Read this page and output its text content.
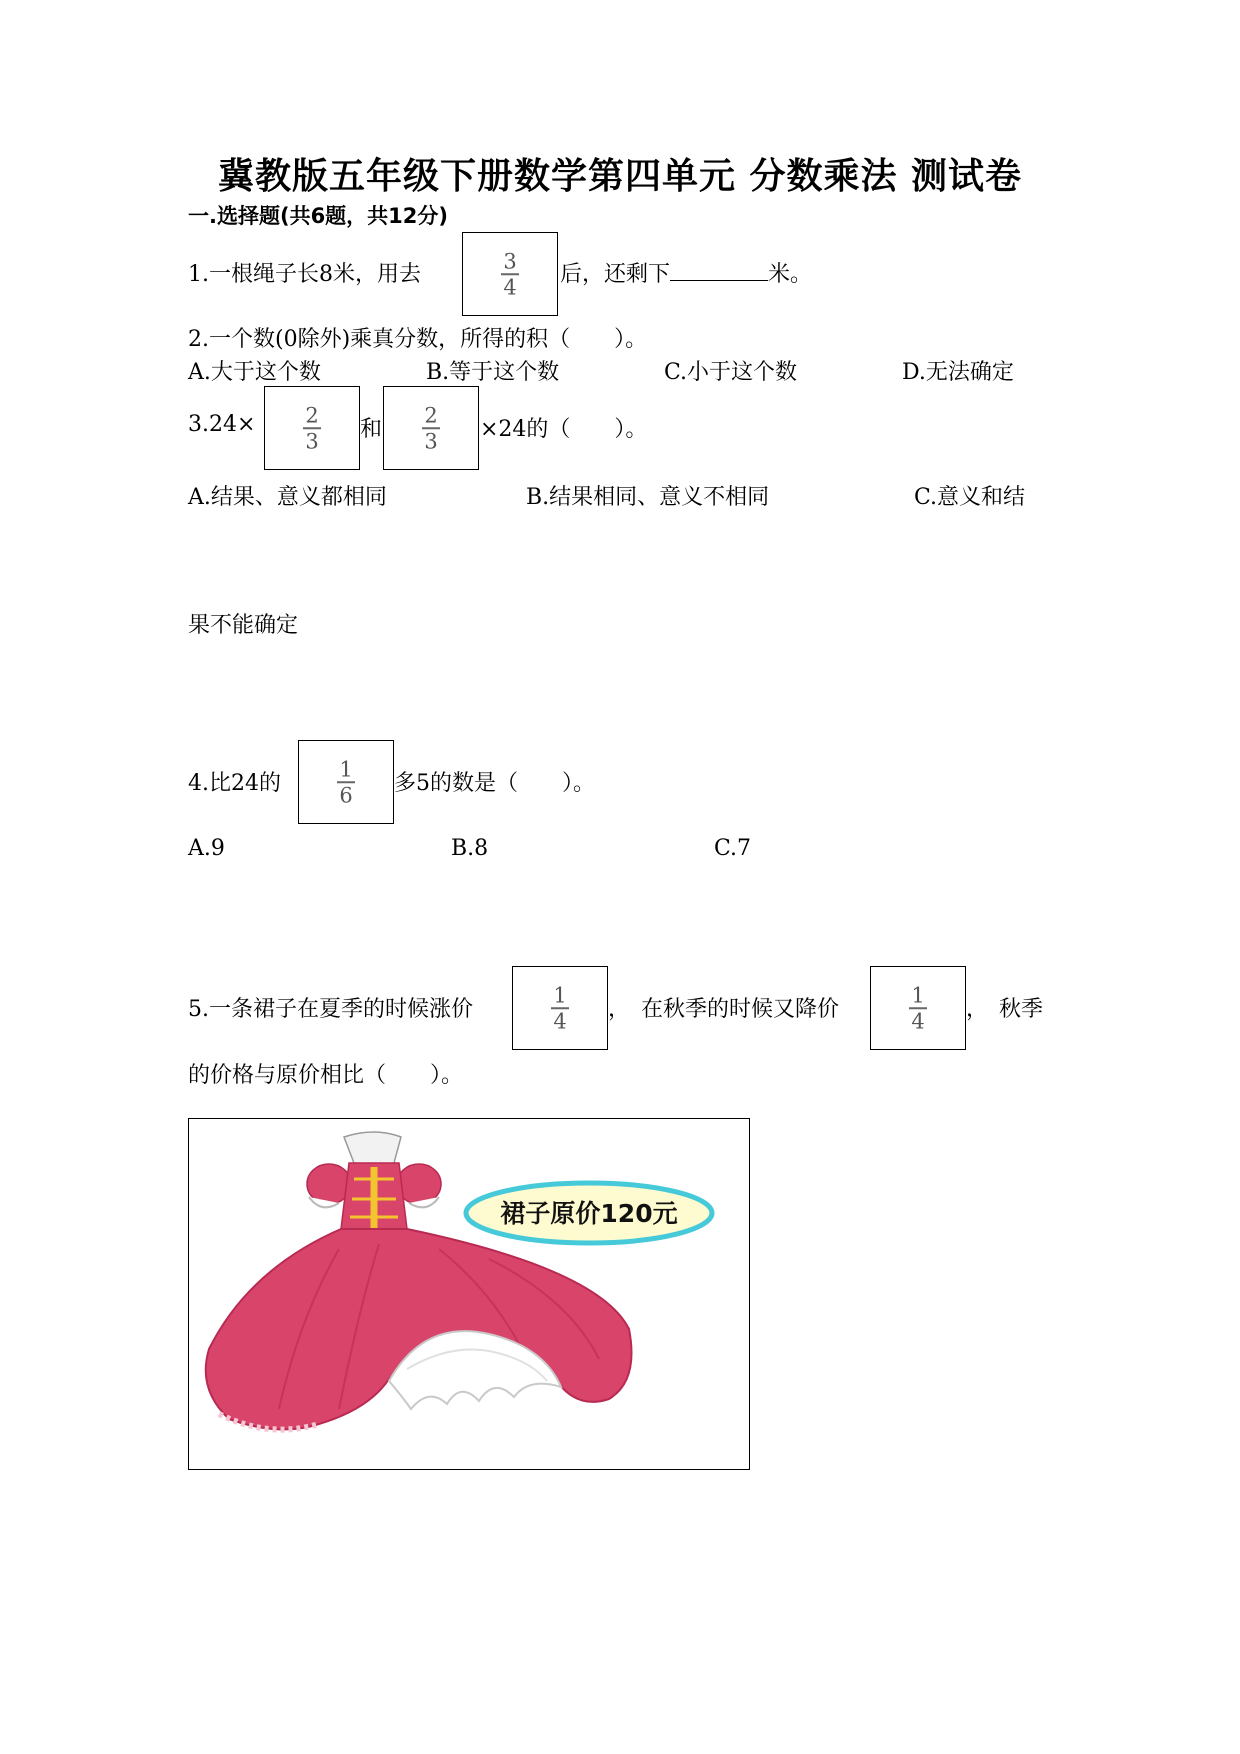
冀教版五年级下册数学第四单元 分数乘法 测试卷
一.选择题(共6题，共12分)
1.一根绳子长8米，用去
3
4 后，还剩下	米。
2.一个数(0除外)乘真分数，所得的积（　　）。
A.大于这个数	B.等于这个数	C.小于这个数	D.无法确定
3.24× 2
3 和
2
3 ×24的（　　）。
A.结果、意义都相同	B.结果相同、意义不相同	C.意义和结
果不能确定
4.比24的
1
6 多5的数是（　　）。
A.9	B.8	C.7
5.一条裙子在夏季的时候涨价
1
4 ，　在秋季的时候又降价
1
4 ，　秋季
的价格与原价相比（　　）。
裙子原价120元
